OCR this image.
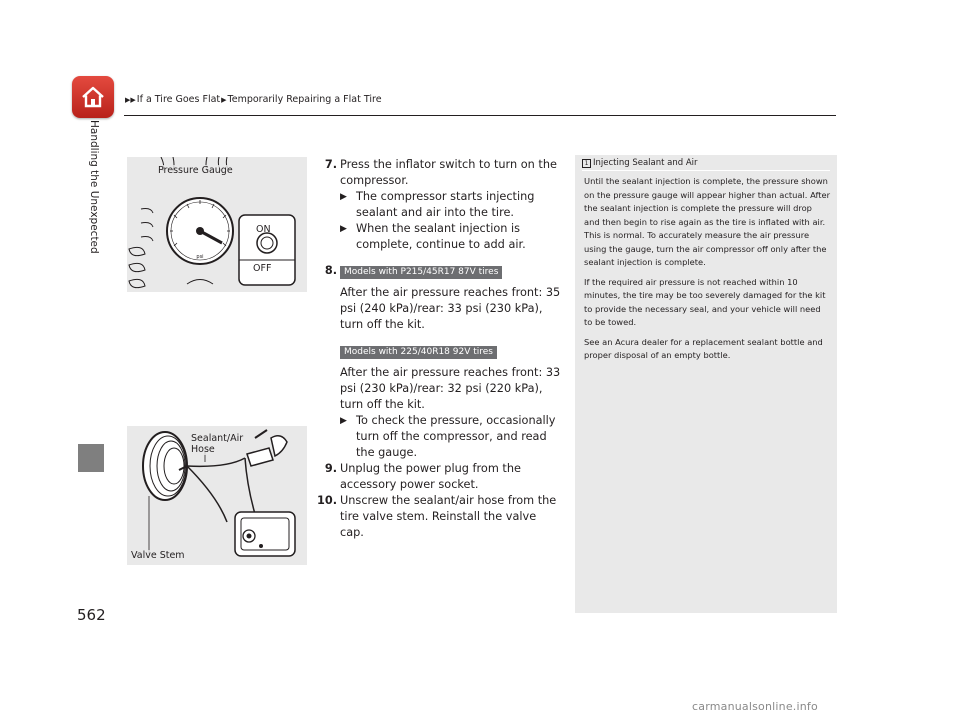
▶▶If a Tire Goes Flat▶Temporarily Repairing a Flat Tire
Handling the Unexpected
562
psi
Pressure Gauge
ON
OFF
Sealant/Air
Hose
Valve Stem
7. Press the inflator switch to turn on the compressor.
▶ The compressor starts injecting sealant and air into the tire.
▶ When the sealant injection is complete, continue to add air.
8. Models with P215/45R17 87V tires
After the air pressure reaches front: 35 psi (240 kPa)/rear: 33 psi (230 kPa), turn off the kit.
Models with 225/40R18 92V tires
After the air pressure reaches front: 33 psi (230 kPa)/rear: 32 psi (220 kPa), turn off the kit.
▶ To check the pressure, occasionally turn off the compressor, and read the gauge.
9. Unplug the power plug from the accessory power socket.
10. Unscrew the sealant/air hose from the tire valve stem. Reinstall the valve cap.
1 Injecting Sealant and Air

Until the sealant injection is complete, the pressure shown on the pressure gauge will appear higher than actual. After the sealant injection is complete the pressure will drop and then begin to rise again as the tire is inflated with air. This is normal. To accurately measure the air pressure using the gauge, turn the air compressor off only after the sealant injection is complete.

If the required air pressure is not reached within 10 minutes, the tire may be too severely damaged for the kit to provide the necessary seal, and your vehicle will need to be towed.

See an Acura dealer for a replacement sealant bottle and proper disposal of an empty bottle.

carmanualsonline.info
